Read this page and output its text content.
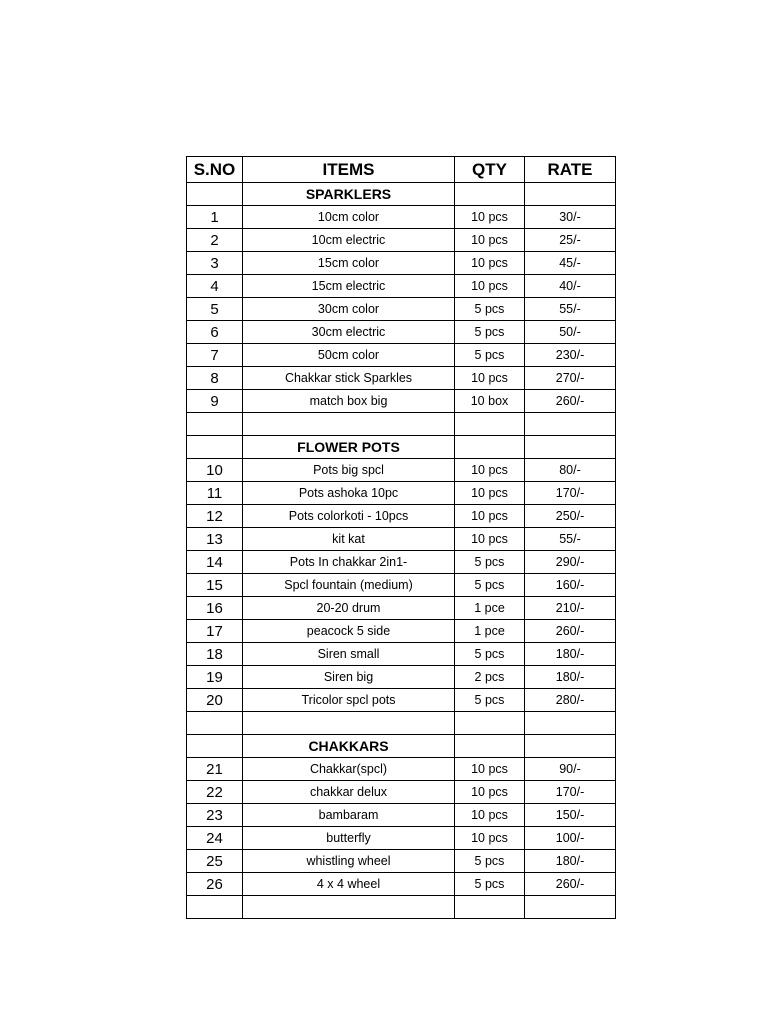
S.NO	ITEMS	QTY	RATE
	SPARKLERS		
1	10cm color	10 pcs	30/-
2	10cm electric	10 pcs	25/-
3	15cm color	10 pcs	45/-
4	15cm electric	10 pcs	40/-
5	30cm color	5 pcs	55/-
6	30cm electric	5 pcs	50/-
7	50cm color	5 pcs	230/-
8	Chakkar stick Sparkles	10 pcs	270/-
9	match box big	10 box	260/-

	FLOWER POTS		
10	Pots big spcl	10 pcs	80/-
11	Pots ashoka 10pc	10 pcs	170/-
12	Pots colorkoti - 10pcs	10 pcs	250/-
13	kit kat	10 pcs	55/-
14	Pots In chakkar 2in1-	5 pcs	290/-
15	Spcl fountain (medium)	5 pcs	160/-
16	20-20 drum	1 pce	210/-
17	peacock 5 side	1 pce	260/-
18	Siren small	5 pcs	180/-
19	Siren big	2 pcs	180/-
20	Tricolor spcl pots	5 pcs	280/-

	CHAKKARS		
21	Chakkar(spcl)	10 pcs	90/-
22	chakkar delux	10 pcs	170/-
23	bambaram	10 pcs	150/-
24	butterfly	10 pcs	100/-
25	whistling wheel	5 pcs	180/-
26	4 x 4 wheel	5 pcs	260/-
